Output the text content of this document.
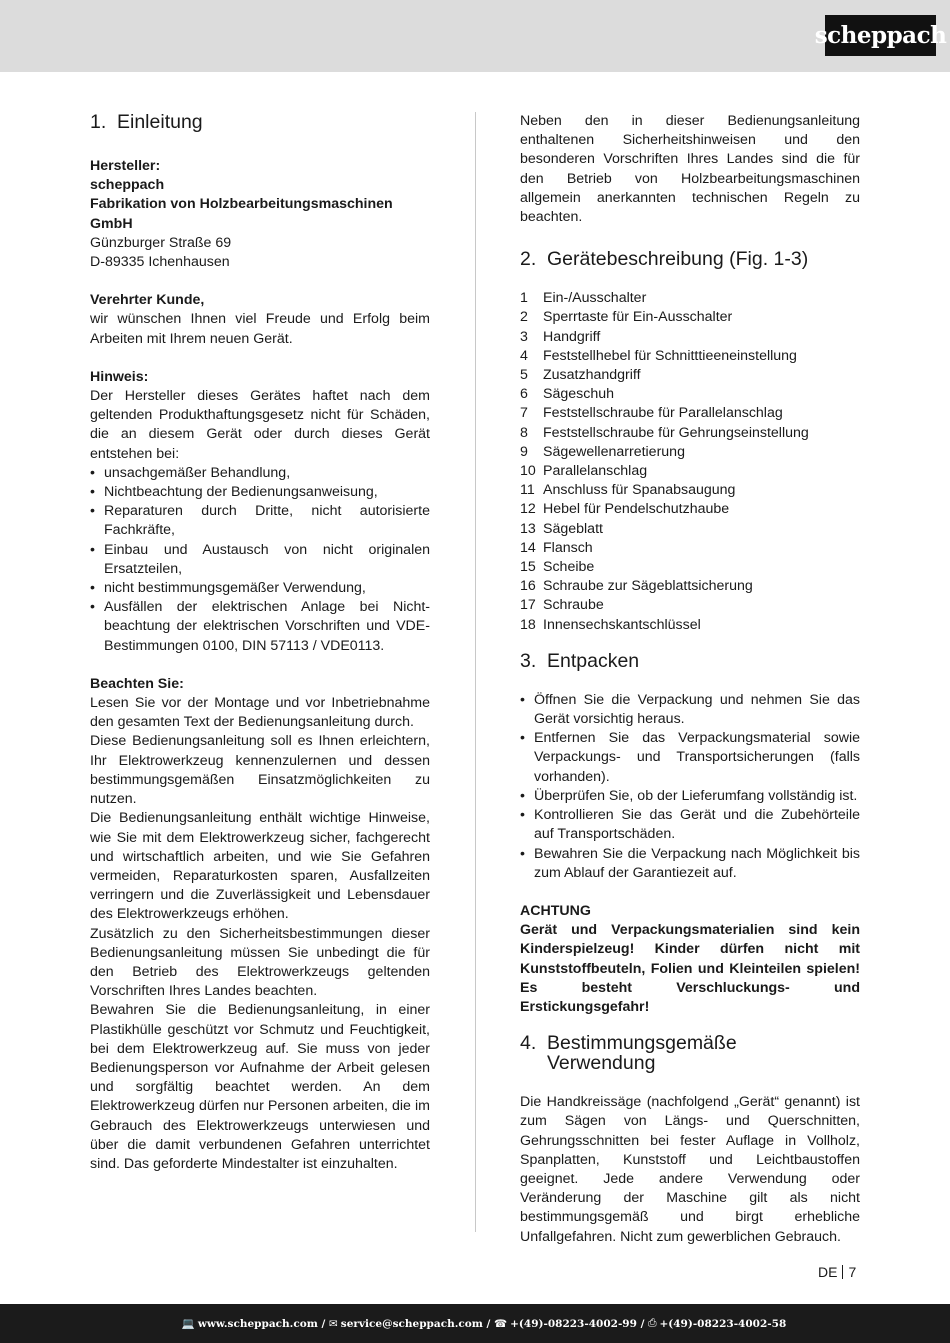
scheppach
1. Einleitung

Hersteller:

scheppach

Fabrikation von Holzbearbeitungsmaschinen GmbH

Günzburger Straße 69

D-89335 Ichenhausen

Verehrter Kunde,

wir wünschen Ihnen viel Freude und Erfolg beim Arbeiten mit Ihrem neuen Gerät.

Hinweis:

Der Hersteller dieses Gerätes haftet nach dem geltenden Produkthaftungsgesetz nicht für Schäden, die an diesem Gerät oder durch dieses Gerät entstehen bei:

• unsachgemäßer Behandlung,
• Nichtbeachtung der Bedienungsanweisung,
• Reparaturen durch Dritte, nicht autorisierte Fachkräfte,
• Einbau und Austausch von nicht originalen Ersatzteilen,
• nicht bestimmungsgemäßer Verwendung,
• Ausfällen der elektrischen Anlage bei Nicht-beachtung der elektrischen Vorschriften und VDE-Bestimmungen 0100, DIN 57113 / VDE0113.

Beachten Sie:

Lesen Sie vor der Montage und vor Inbetriebnahme den gesamten Text der Bedienungsanleitung durch.

Diese Bedienungsanleitung soll es Ihnen erleichtern, Ihr Elektrowerkzeug kennenzulernen und dessen bestimmungsgemäßen Einsatzmöglichkeiten zu nutzen.

Die Bedienungsanleitung enthält wichtige Hinweise, wie Sie mit dem Elektrowerkzeug sicher, fachgerecht und wirtschaftlich arbeiten, und wie Sie Gefahren vermeiden, Reparaturkosten sparen, Ausfallzeiten verringern und die Zuverlässigkeit und Lebensdauer des Elektrowerkzeugs erhöhen.

Zusätzlich zu den Sicherheitsbestimmungen dieser Bedienungsanleitung müssen Sie unbedingt die für den Betrieb des Elektrowerkzeugs geltenden Vorschriften Ihres Landes beachten.

Bewahren Sie die Bedienungsanleitung, in einer Plastikhülle geschützt vor Schmutz und Feuchtigkeit, bei dem Elektrowerkzeug auf. Sie muss von jeder Bedienungsperson vor Aufnahme der Arbeit gelesen und sorgfältig beachtet werden. An dem Elektrowerkzeug dürfen nur Personen arbeiten, die im Gebrauch des Elektrowerkzeugs unterwiesen und über die damit verbundenen Gefahren unterrichtet sind. Das geforderte Mindestalter ist einzuhalten.

Neben den in dieser Bedienungsanleitung enthaltenen Sicherheitshinweisen und den besonderen Vorschriften Ihres Landes sind die für den Betrieb von Holzbearbeitungsmaschinen allgemein anerkannten technischen Regeln zu beachten.

2. Gerätebeschreibung (Fig. 1-3)
1	Ein-/Ausschalter
2	Sperrtaste für Ein-Ausschalter
3	Handgriff
4	Feststellhebel für Schnitttieeneinstellung
5	Zusatzhandgriff
6	Sägeschuh
7	Feststellschraube für Parallelanschlag
8	Feststellschraube für Gehrungseinstellung
9	Sägewellenarretierung
10 Parallelanschlag
11 Anschluss für Spanabsaugung
12 Hebel für Pendelschutzhaube
13 Sägeblatt
14 Flansch
15 Scheibe
16 Schraube zur Sägeblattsicherung
17 Schraube
18 Innensechskantschlüssel
3. Entpacken
• Öffnen Sie die Verpackung und nehmen Sie das Gerät vorsichtig heraus.
• Entfernen Sie das Verpackungsmaterial sowie Verpackungs- und Transportsicherungen (falls vorhanden).
• Überprüfen Sie, ob der Lieferumfang vollständig ist.
• Kontrollieren Sie das Gerät und die Zubehörteile auf Transportschäden.
• Bewahren Sie die Verpackung nach Möglichkeit bis zum Ablauf der Garantiezeit auf.

ACHTUNG

Gerät und Verpackungsmaterialien sind kein Kinderspielzeug! Kinder dürfen nicht mit Kunststoffbeuteln, Folien und Kleinteilen spielen! Es besteht Verschluckungs- und Erstickungsgefahr!

4. Bestimmungsgemäße
Verwendung

Die Handkreissäge (nachfolgend „Gerät“ genannt) ist zum Sägen von Längs- und Querschnitten, Gehrungsschnitten bei fester Auflage in Vollholz, Spanplatten, Kunststoff und Leichtbaustoffen geeignet. Jede andere Verwendung oder Veränderung der Maschine gilt als nicht bestimmungsgemäß und birgt erhebliche Unfallgefahren. Nicht zum gewerblichen Gebrauch.

DE 7
💻 www.scheppach.com /
✉ service@scheppach.com /
☎ +(49)-08223-4002-99 /
⎙ +(49)-08223-4002-58
